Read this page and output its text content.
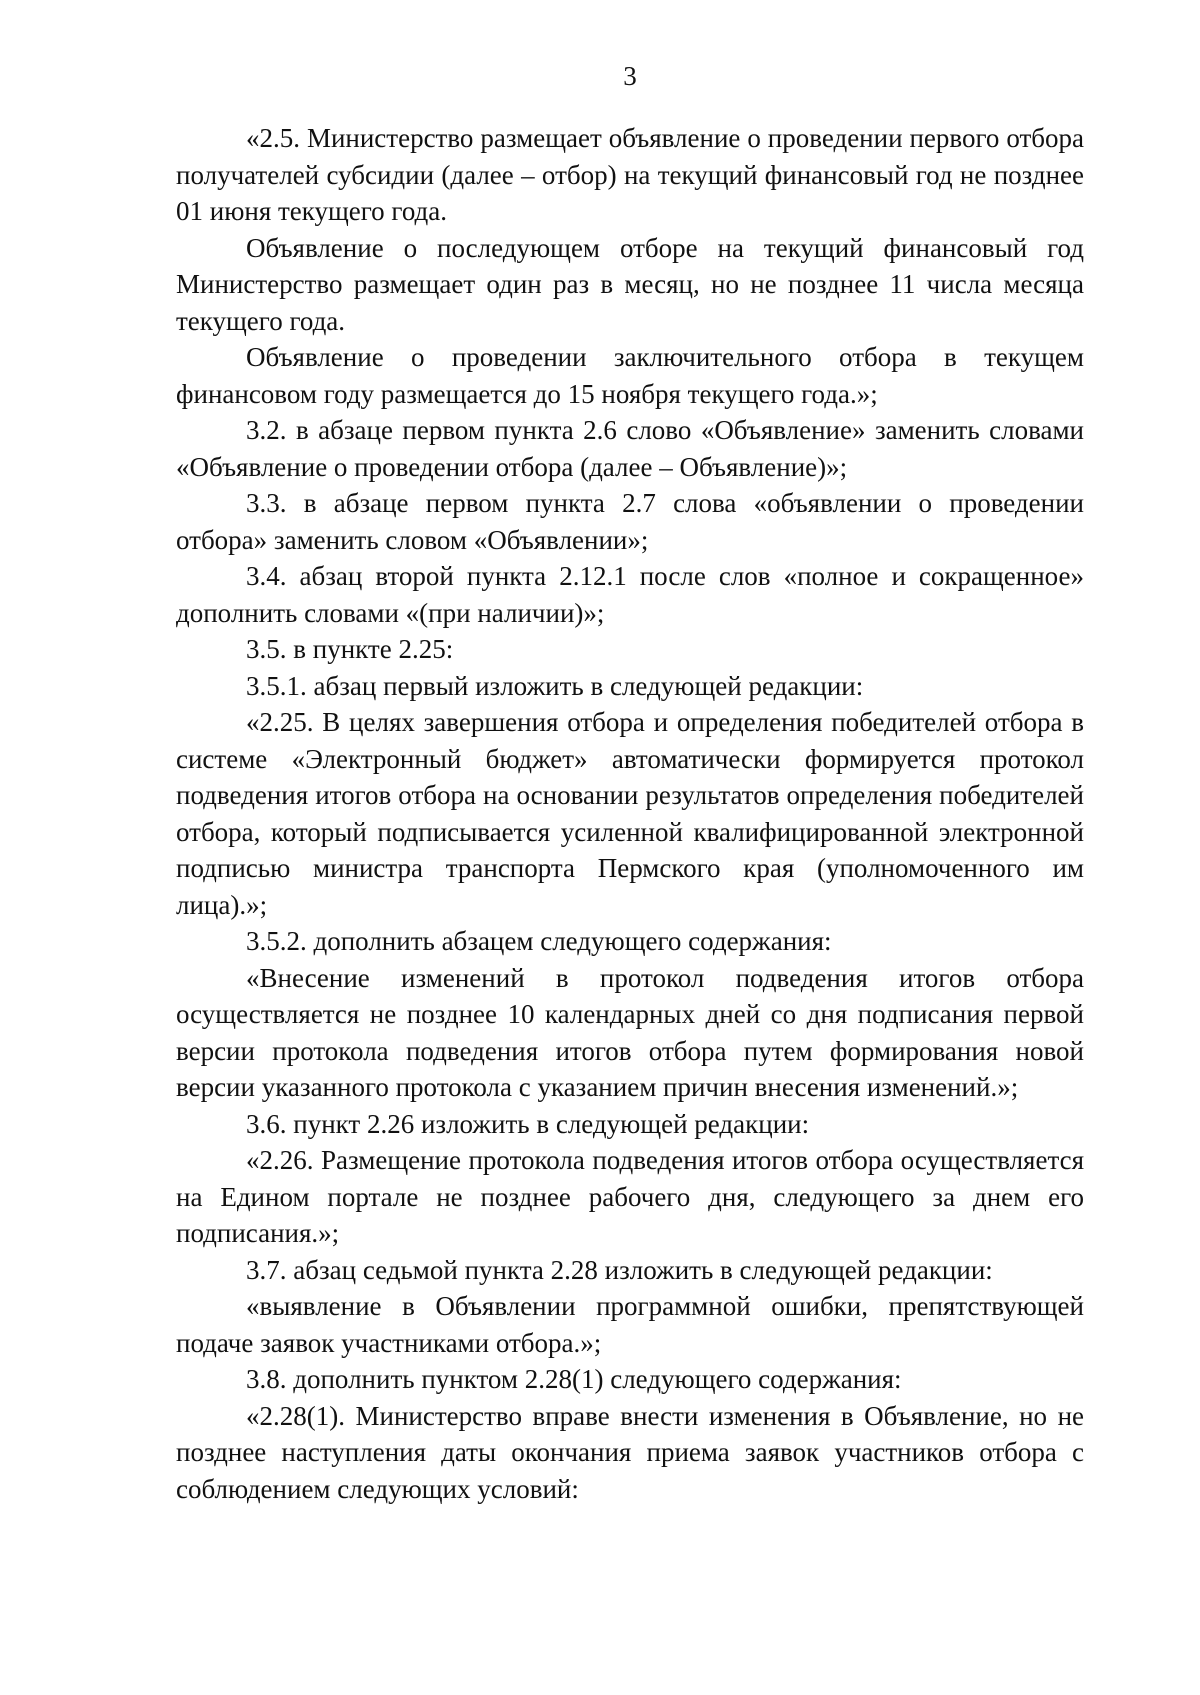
3

«2.5. Министерство размещает объявление о проведении первого отбора получателей субсидии (далее – отбор) на текущий финансовый год не позднее 01 июня текущего года.

Объявление о последующем отборе на текущий финансовый год Министерство размещает один раз в месяц, но не позднее 11 числа месяца текущего года.

Объявление о проведении заключительного отбора в текущем финансовом году размещается до 15 ноября текущего года.»;

3.2. в абзаце первом пункта 2.6 слово «Объявление» заменить словами «Объявление о проведении отбора (далее – Объявление)»;

3.3. в абзаце первом пункта 2.7 слова «объявлении о проведении отбора» заменить словом «Объявлении»;

3.4. абзац второй пункта 2.12.1 после слов «полное и сокращенное» дополнить словами «(при наличии)»;

3.5. в пункте 2.25:

3.5.1. абзац первый изложить в следующей редакции:

«2.25. В целях завершения отбора и определения победителей отбора в системе «Электронный бюджет» автоматически формируется протокол подведения итогов отбора на основании результатов определения победителей отбора, который подписывается усиленной квалифицированной электронной подписью министра транспорта Пермского края (уполномоченного им лица).»;

3.5.2. дополнить абзацем следующего содержания:

«Внесение изменений в протокол подведения итогов отбора осуществляется не позднее 10 календарных дней со дня подписания первой версии протокола подведения итогов отбора путем формирования новой версии указанного протокола с указанием причин внесения изменений.»;

3.6. пункт 2.26 изложить в следующей редакции:

«2.26. Размещение протокола подведения итогов отбора осуществляется на Едином портале не позднее рабочего дня, следующего за днем его подписания.»;

3.7. абзац седьмой пункта 2.28 изложить в следующей редакции:

«выявление в Объявлении программной ошибки, препятствующей подаче заявок участниками отбора.»;

3.8. дополнить пунктом 2.28(1) следующего содержания:

«2.28(1). Министерство вправе внести изменения в Объявление, но не позднее наступления даты окончания приема заявок участников отбора с соблюдением следующих условий:
